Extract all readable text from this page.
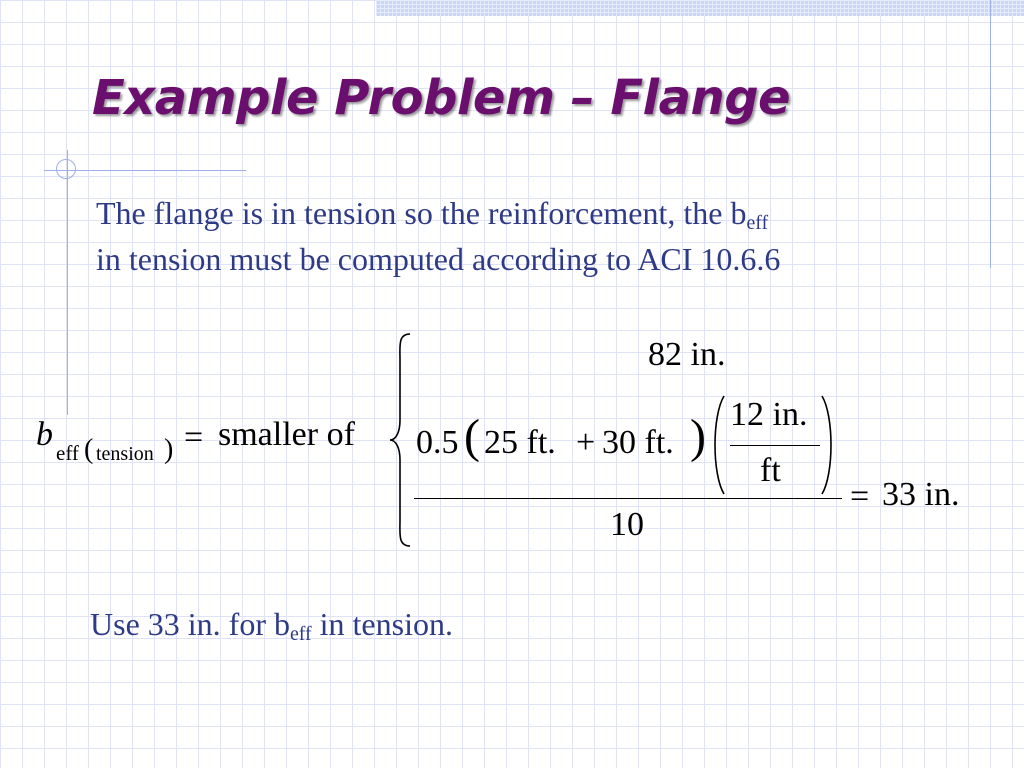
Example Problem – Flange

The flange is in tension so the reinforcement, the $b_{eff}$
in tension must be computed according to ACI 10.6.6

b eff ( tension ) = smaller of
82 in.
0.5 ( 25 ft. + 30 ft. ) 12 in.
ft
10
= 33 in.

Use 33 in. for $b_{eff}$ in tension.
